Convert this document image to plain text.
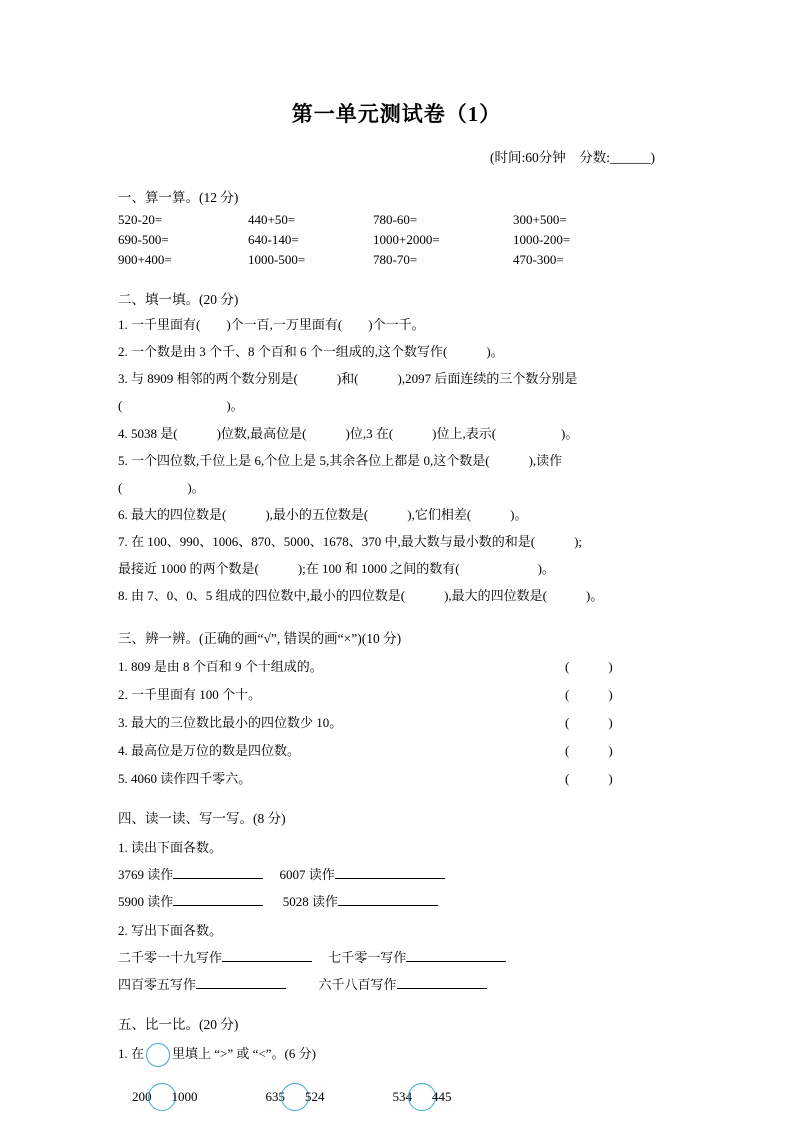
第一单元测试卷（1）
(时间:60分钟　分数:______)
一、算一算。(12 分)
520-20=	440+50=	780-60=	300+500=
690-500=	640-140=	1000+2000=	1000-200=
900+400=	1000-500=	780-70=	470-300=
二、填一填。(20 分)
1. 一千里面有(　　)个一百,一万里面有(　　)个一千。
2. 一个数是由 3 个千、8 个百和 6 个一组成的,这个数写作(　　　)。
3. 与 8909 相邻的两个数分别是(　　　)和(　　　),2097 后面连续的三个数分别是
(　　　　　　　　)。
4. 5038 是(　　　)位数,最高位是(　　　)位,3 在(　　　)位上,表示(　　　　　)。
5. 一个四位数,千位上是 6,个位上是 5,其余各位上都是 0,这个数是(　　　),读作
(　　　　　)。
6. 最大的四位数是(　　　),最小的五位数是(　　　),它们相差(　　　)。
7. 在 100、990、1006、870、5000、1678、370 中,最大数与最小数的和是(　　　);
最接近 1000 的两个数是(　　　);在 100 和 1000 之间的数有(　　　　　　)。
8. 由 7、0、0、5 组成的四位数中,最小的四位数是(　　　),最大的四位数是(　　　)。
三、辨一辨。(正确的画“√”, 错误的画“×”)(10 分)
1. 809 是由 8 个百和 9 个十组成的。	(　　　)
2. 一千里面有 100 个十。	(　　　)
3. 最大的三位数比最小的四位数少 10。	(　　　)
4. 最高位是万位的数是四位数。	(　　　)
5. 4060 读作四千零六。	(　　　)
四、读一读、写一写。(8 分)
1. 读出下面各数。
3769 读作	6007 读作
5900 读作	5028 读作
2. 写出下面各数。
二千零一十九写作	七千零一写作
四百零五写作	六千八百写作
五、比一比。(20 分)
1. 在 里填上 “>” 或 “<”。(6 分)
200 1000	635 524	534 445
